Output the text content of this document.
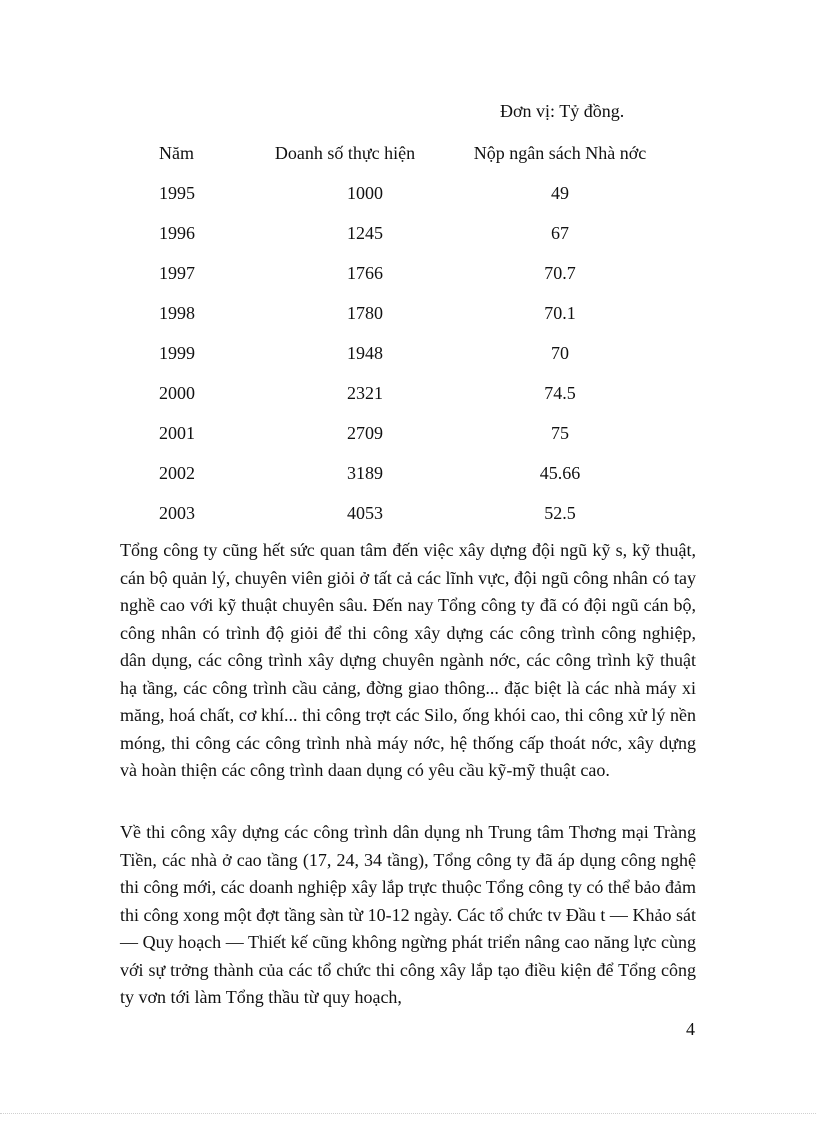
Đơn vị: Tỷ đồng.
Năm	Doanh số thực hiện	Nộp ngân sách Nhà nớc
1995	1000	49
1996	1245	67
1997	1766	70.7
1998	1780	70.1
1999	1948	70
2000	2321	74.5
2001	2709	75
2002	3189	45.66
2003	4053	52.5

Tổng công ty cũng hết sức quan tâm đến việc xây dựng đội ngũ kỹ s, kỹ thuật, cán bộ quản lý, chuyên viên giỏi ở tất cả các lĩnh vực, đội ngũ công nhân có tay nghề cao với kỹ thuật chuyên sâu. Đến nay Tổng công ty đã có đội ngũ cán bộ, công nhân có trình độ giỏi để thi công xây dựng các công trình công nghiệp, dân dụng, các công trình xây dựng chuyên ngành nớc, các công trình kỹ thuật hạ tầng, các công trình cầu cảng, đờng giao thông... đặc biệt là các nhà máy xi măng, hoá chất, cơ khí... thi công trợt các Silo, ống khói cao, thi công xử lý nền móng, thi công các công trình nhà máy nớc, hệ thống cấp thoát nớc, xây dựng và hoàn thiện các công trình daan dụng có yêu cầu kỹ-mỹ thuật cao.

Về thi công xây dựng các công trình dân dụng nh Trung tâm Thơng mại Tràng Tiền, các nhà ở cao tầng (17, 24, 34 tầng), Tổng công ty đã áp dụng công nghệ thi công mới, các doanh nghiệp xây lắp trực thuộc Tổng công ty có thể bảo đảm thi công xong một đợt tầng sàn từ 10-12 ngày. Các tổ chức tv Đầu t — Khảo sát — Quy hoạch — Thiết kế cũng không ngừng phát triển nâng cao năng lực cùng với sự trởng thành của các tổ chức thi công xây lắp tạo điều kiện để Tổng công ty vơn tới làm Tổng thầu từ quy hoạch,

4
